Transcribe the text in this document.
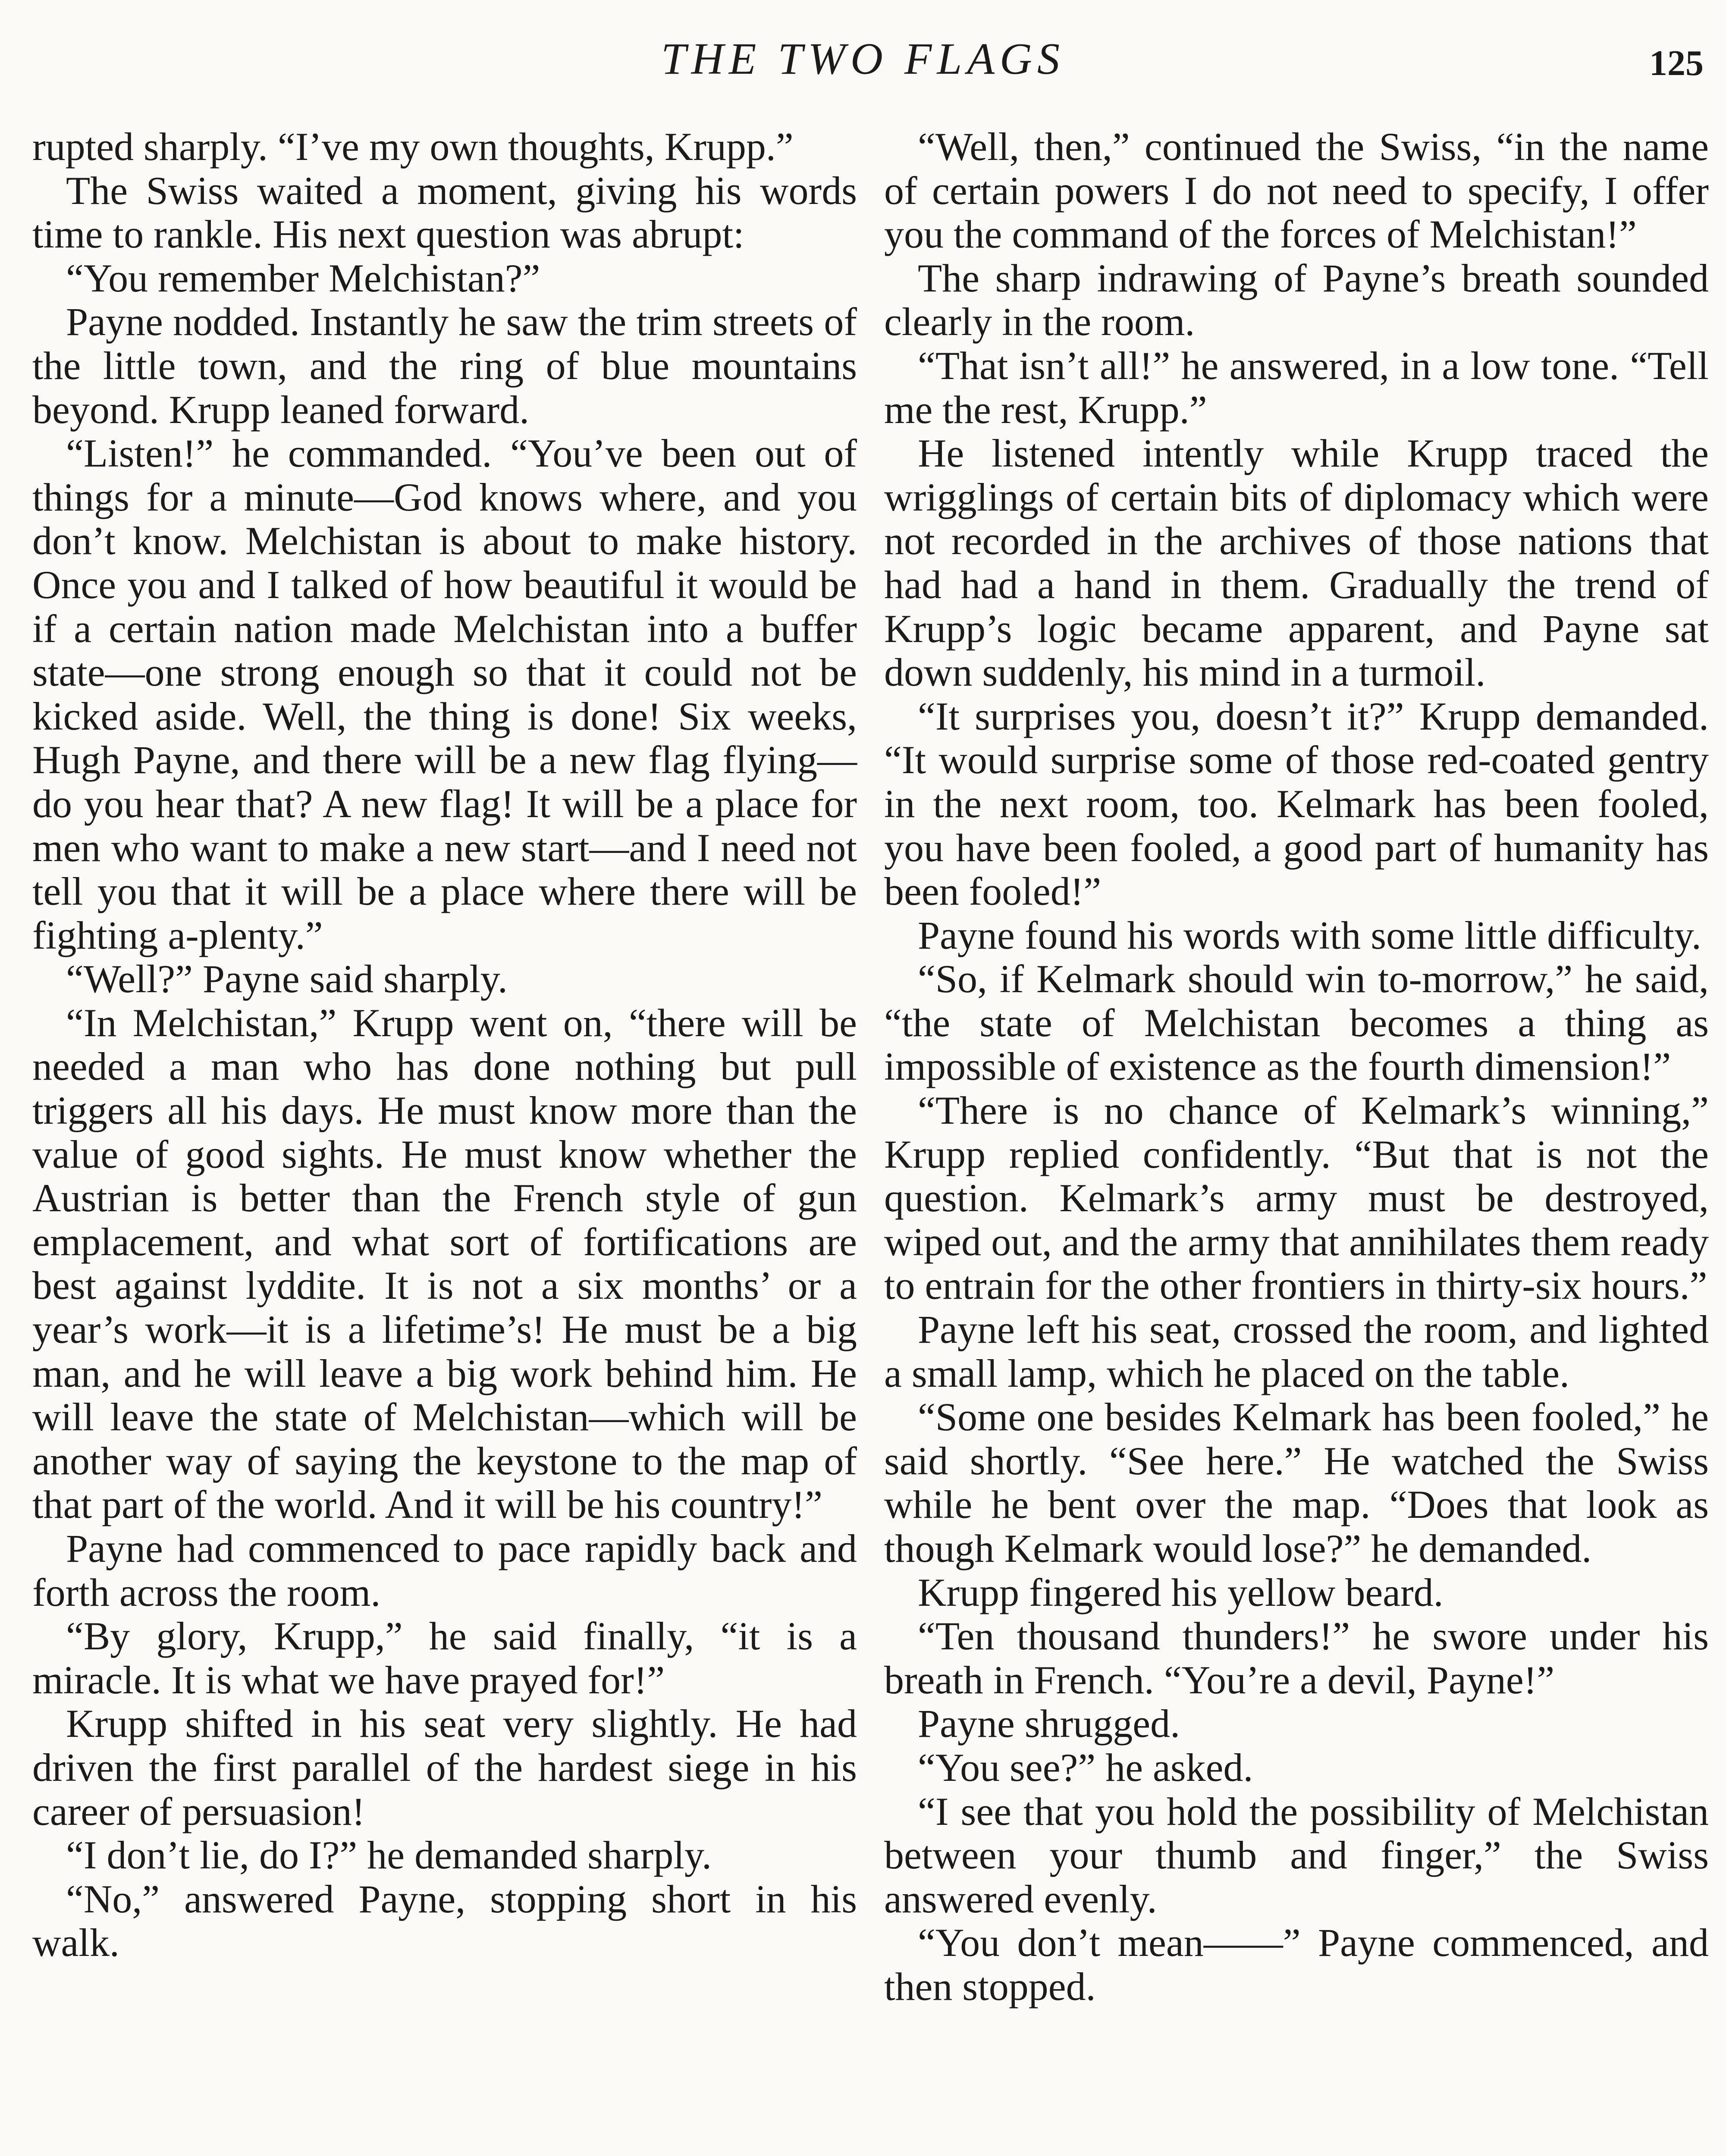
THE TWO FLAGS	125

rupted sharply. “I’ve my own thoughts, Krupp.”

The Swiss waited a moment, giving his words time to rankle. His next question was abrupt:

“You remember Melchistan?”

Payne nodded. Instantly he saw the trim streets of the little town, and the ring of blue mountains beyond. Krupp leaned forward.

“Listen!” he commanded. “You’ve been out of things for a minute—God knows where, and you don’t know. Melchistan is about to make history. Once you and I talked of how beautiful it would be if a certain nation made Melchistan into a buffer state—one strong enough so that it could not be kicked aside. Well, the thing is done! Six weeks, Hugh Payne, and there will be a new flag flying—do you hear that? A new flag! It will be a place for men who want to make a new start—and I need not tell you that it will be a place where there will be fighting a-plenty.”

“Well?” Payne said sharply.

“In Melchistan,” Krupp went on, “there will be needed a man who has done nothing but pull triggers all his days. He must know more than the value of good sights. He must know whether the Austrian is better than the French style of gun emplacement, and what sort of fortifications are best against lyddite. It is not a six months’ or a year’s work—it is a lifetime’s! He must be a big man, and he will leave a big work behind him. He will leave the state of Melchistan—which will be another way of saying the keystone to the map of that part of the world. And it will be his country!”

Payne had commenced to pace rapidly back and forth across the room.

“By glory, Krupp,” he said finally, “it is a miracle. It is what we have prayed for!”

Krupp shifted in his seat very slightly. He had driven the first parallel of the hardest siege in his career of persuasion!

“I don’t lie, do I?” he demanded sharply.

“No,” answered Payne, stopping short in his walk.

“Well, then,” continued the Swiss, “in the name of certain powers I do not need to specify, I offer you the command of the forces of Melchistan!”

The sharp indrawing of Payne’s breath sounded clearly in the room.

“That isn’t all!” he answered, in a low tone. “Tell me the rest, Krupp.”

He listened intently while Krupp traced the wrigglings of certain bits of diplomacy which were not recorded in the archives of those nations that had had a hand in them. Gradually the trend of Krupp’s logic became apparent, and Payne sat down suddenly, his mind in a turmoil.

“It surprises you, doesn’t it?” Krupp demanded. “It would surprise some of those red-coated gentry in the next room, too. Kelmark has been fooled, you have been fooled, a good part of humanity has been fooled!”

Payne found his words with some little difficulty.

“So, if Kelmark should win to-morrow,” he said, “the state of Melchistan becomes a thing as impossible of existence as the fourth dimension!”

“There is no chance of Kelmark’s winning,” Krupp replied confidently. “But that is not the question. Kelmark’s army must be destroyed, wiped out, and the army that annihilates them ready to entrain for the other frontiers in thirty-six hours.”

Payne left his seat, crossed the room, and lighted a small lamp, which he placed on the table.

“Some one besides Kelmark has been fooled,” he said shortly. “See here.” He watched the Swiss while he bent over the map. “Does that look as though Kelmark would lose?” he demanded.

Krupp fingered his yellow beard.

“Ten thousand thunders!” he swore under his breath in French. “You’re a devil, Payne!”

Payne shrugged.

“You see?” he asked.

“I see that you hold the possibility of Melchistan between your thumb and finger,” the Swiss answered evenly.

“You don’t mean——” Payne commenced, and then stopped.
